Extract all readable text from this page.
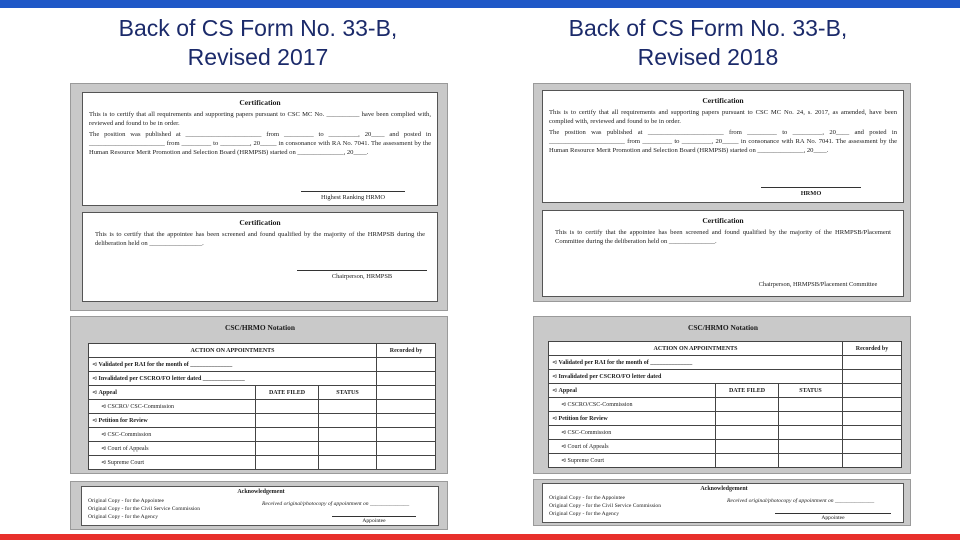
Back of CS Form No. 33-B,
Revised 2017
Certification
This is to certify that all requirements and supporting papers pursuant to CSC MC No. __________ have been complied with, reviewed and found to be in order.
The position was published at _______________________ from _________ to _________, 20____ and posted in _______________________ from _________ to _________, 20_____ in consonance with RA No. 7041. The assessment by the Human Resource Merit Promotion and Selection Board (HRMPSB) started on ______________, 20____.
Highest Ranking HRMO
Certification
This is to certify that the appointee has been screened and found qualified by the majority of the HRMPSB during the deliberation held on ________________.
Chairperson, HRMPSB
CSC/HRMO Notation
ACTION ON APPOINTMENTS			Recorded by
⊲ Validated per RAI for the month of ______________			
⊲ Invalidated per CSCRO/FO letter dated ______________			
⊲ Appeal	DATE FILED	STATUS	
⊲ CSCRO/ CSC-Commission			
⊲ Petition for Review			
⊲ CSC-Commission			
⊲ Court of Appeals			
⊲ Supreme Court			
Acknowledgement
Original Copy - for the Appointee
Original Copy - for the Civil Service Commission
Original Copy - for the Agency
Received original/photocopy of appointment on ______________
Appointee
Back of CS Form No. 33-B,
Revised 2018
Certification
This is to certify that all requirements and supporting papers pursuant to CSC MC No. 24, s. 2017, as amended, have been complied with, reviewed and found to be in order.
The position was published at _______________________ from _________ to _________, 20____ and posted in _______________________ from _________ to _________, 20_____ in consonance with RA No. 7041. The assessment by the Human Resource Merit Promotion and Selection Board (HRMPSB) started on ______________, 20____.
HRMO
Certification
This is to certify that the appointee has been screened and found qualified by the majority of the HRMPSB/Placement Committee during the deliberation held on ______________.
Chairperson, HRMPSB/Placement Committee
CSC/HRMO Notation
ACTION ON APPOINTMENTS			Recorded by
⊲ Validated per RAI for the month of ______________			
⊲ Invalidated per CSCRO/FO letter dated			
⊲ Appeal	DATE FILED	STATUS	
⊲ CSCRO/CSC-Commission			
⊲ Petition for Review			
⊲ CSC-Commission			
⊲ Court of Appeals			
⊲ Supreme Court			
Acknowledgement
Original Copy - for the Appointee
Original Copy - for the Civil Service Commission
Original Copy - for the Agency
Received original/photocopy of appointment on ______________
Appointee
